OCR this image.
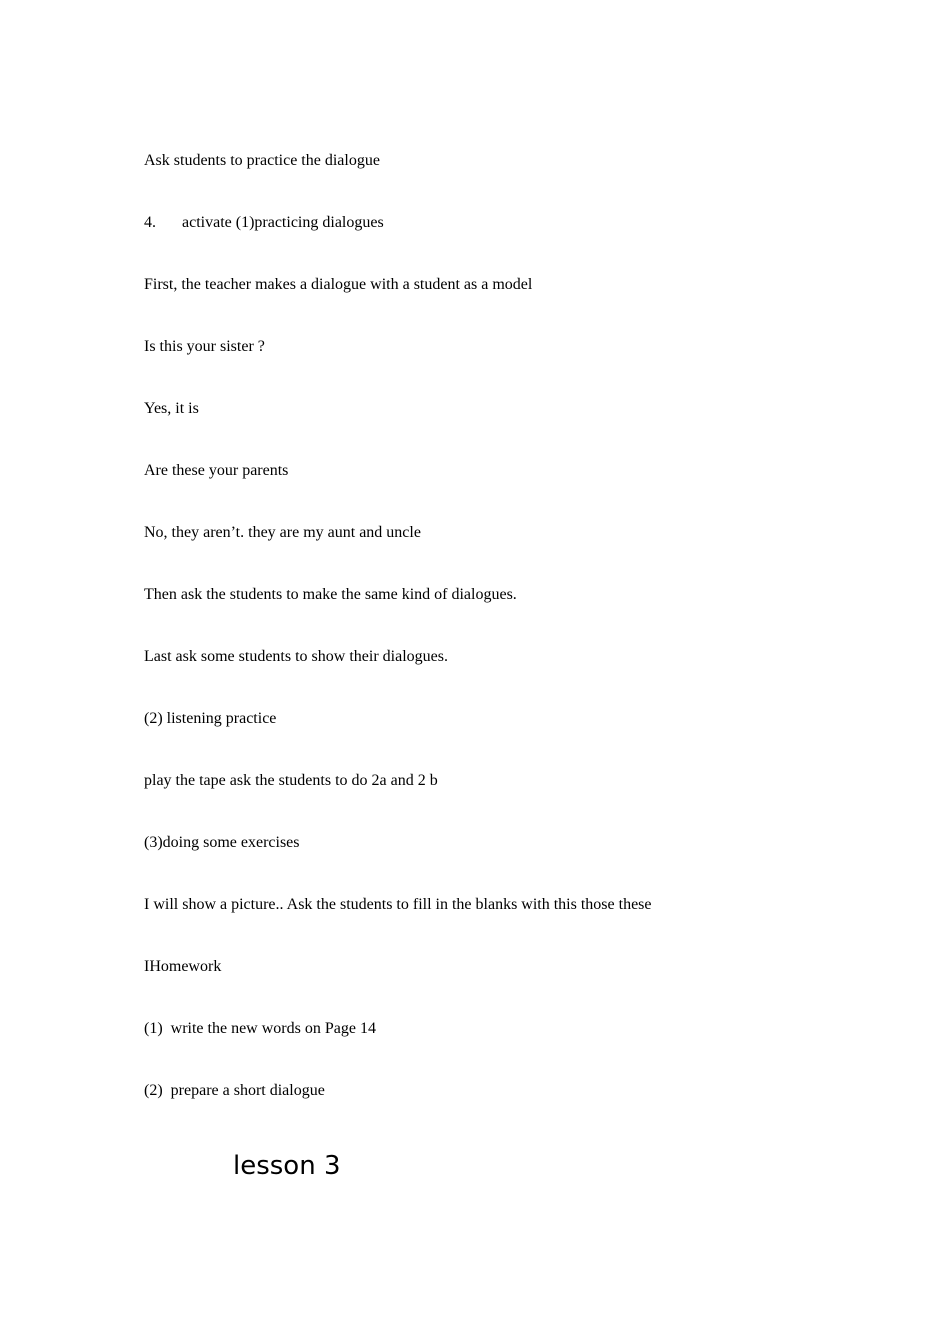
Ask students to practice the dialogue
4. activate (1)practicing dialogues
First, the teacher makes a dialogue with a student as a model
Is this your sister ?
Yes, it is
Are these your parents
No, they aren’t. they are my aunt and uncle
Then ask the students to make the same kind of dialogues.
Last ask some students to show their dialogues.
(2) listening practice
play the tape ask the students to do 2a and 2 b
(3)doing some exercises
I will show a picture.. Ask the students to fill in the blanks with this those these
IHomework
(1)  write the new words on Page 14
(2)  prepare a short dialogue
lesson 3
